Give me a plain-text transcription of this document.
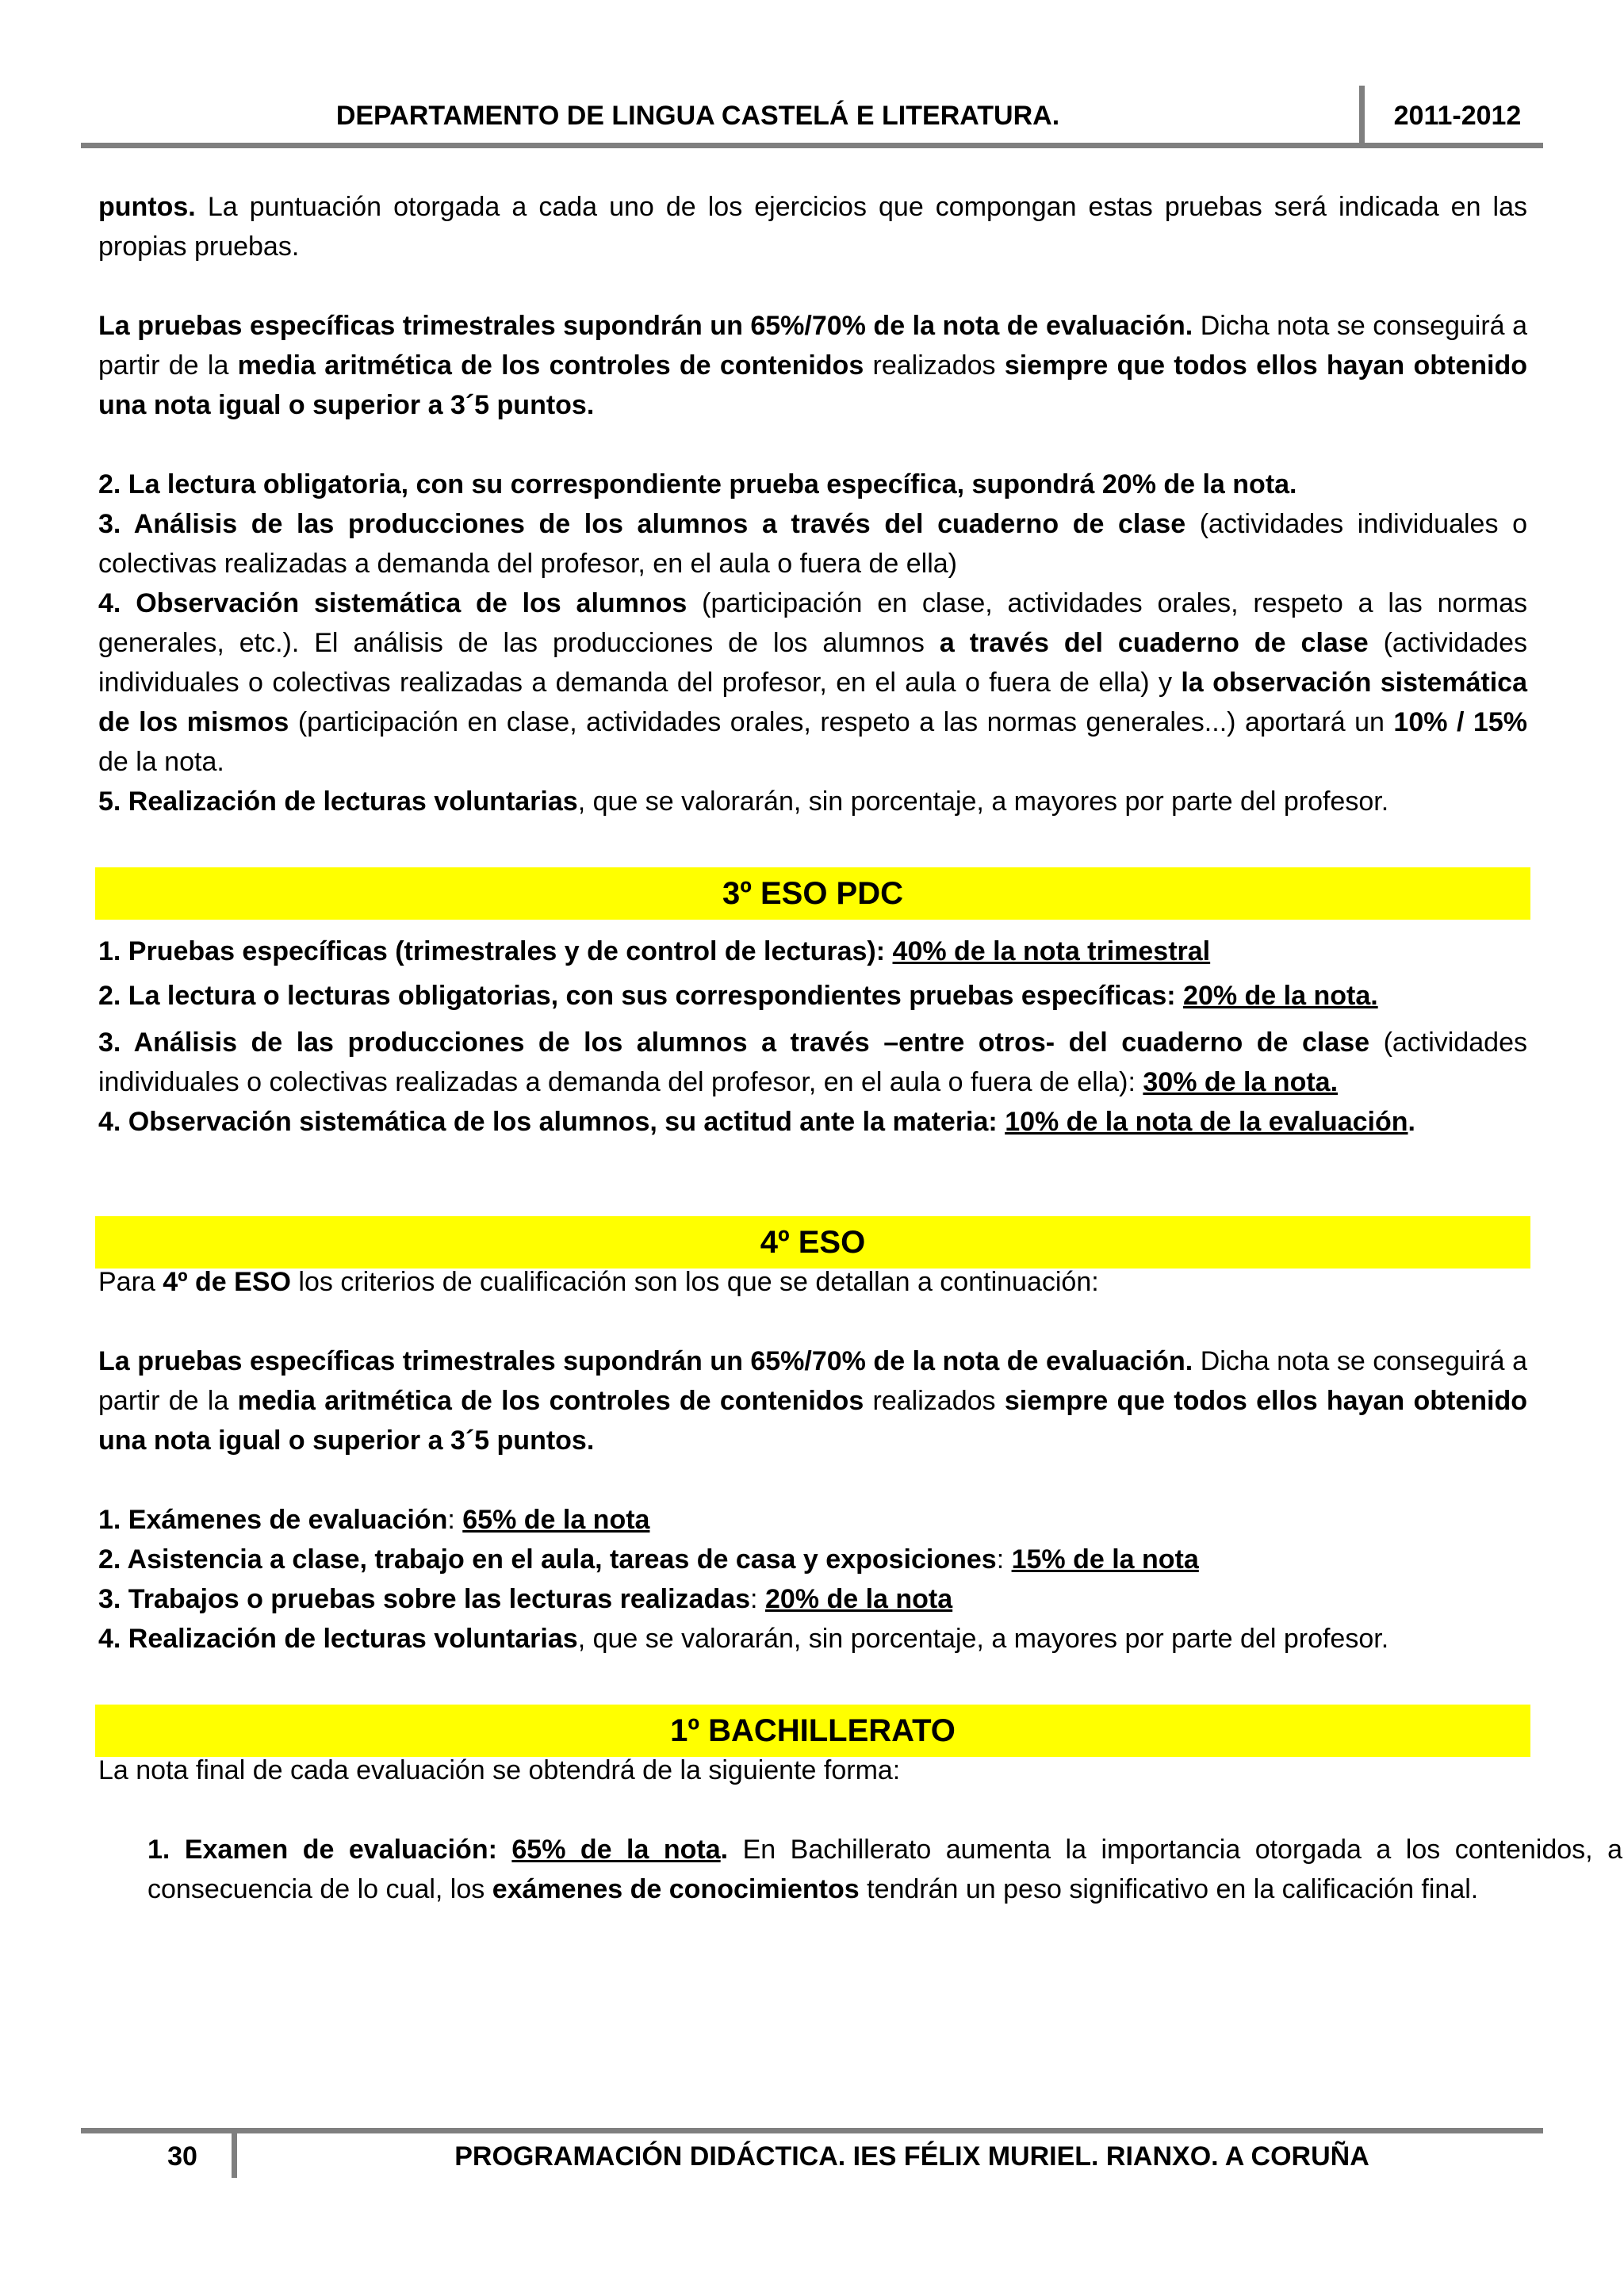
DEPARTAMENTO DE LINGUA CASTELÁ E LITERATURA.	2011-2012

puntos. La puntuación otorgada a cada uno de los ejercicios que compongan estas pruebas será indicada en las propias pruebas.

La pruebas específicas trimestrales supondrán un 65%/70% de la nota de evaluación. Dicha nota se conseguirá a partir de la media aritmética de los controles de contenidos realizados siempre que todos ellos hayan obtenido una nota igual o superior a 3´5 puntos.

2. La lectura obligatoria, con su correspondiente prueba específica, supondrá 20% de la nota.

3. Análisis de las producciones de los alumnos a través del cuaderno de clase (actividades individuales o colectivas realizadas a demanda del profesor, en el aula o fuera de ella)

4. Observación sistemática de los alumnos (participación en clase, actividades orales, respeto a las normas generales, etc.). El análisis de las producciones de los alumnos a través del cuaderno de clase (actividades individuales o colectivas realizadas a demanda del profesor, en el aula o fuera de ella) y la observación sistemática de los mismos (participación en clase, actividades orales, respeto a las normas generales...) aportará un 10% / 15% de la nota.

5. Realización de lecturas voluntarias, que se valorarán, sin porcentaje, a mayores por parte del profesor.

3º ESO PDC

1. Pruebas específicas (trimestrales y de control de lecturas): 40% de la nota trimestral

2. La lectura o lecturas obligatorias, con sus correspondientes pruebas específicas: 20% de la nota.

3. Análisis de las producciones de los alumnos a través –entre otros- del cuaderno de clase (actividades individuales o colectivas realizadas a demanda del profesor, en el aula o fuera de ella): 30% de la nota.

4. Observación sistemática de los alumnos, su actitud ante la materia: 10% de la nota de la evaluación.

4º ESO

Para 4º de ESO los criterios de cualificación son los que se detallan a continuación:

La pruebas específicas trimestrales supondrán un 65%/70% de la nota de evaluación. Dicha nota se conseguirá a partir de la media aritmética de los controles de contenidos realizados siempre que todos ellos hayan obtenido una nota igual o superior a 3´5 puntos.

1. Exámenes de evaluación: 65% de la nota

2. Asistencia a clase, trabajo en el aula, tareas de casa y exposiciones: 15% de la nota

3. Trabajos o pruebas sobre las lecturas realizadas: 20% de la nota

4. Realización de lecturas voluntarias, que se valorarán, sin porcentaje, a mayores por parte del profesor.

1º BACHILLERATO

La nota final de cada evaluación se obtendrá de la siguiente forma:

1. Examen de evaluación: 65% de la nota. En Bachillerato aumenta la importancia otorgada a los contenidos, a consecuencia de lo cual, los exámenes de conocimientos tendrán un peso significativo en la calificación final.

30	PROGRAMACIÓN DIDÁCTICA. IES FÉLIX MURIEL. RIANXO. A CORUÑA
